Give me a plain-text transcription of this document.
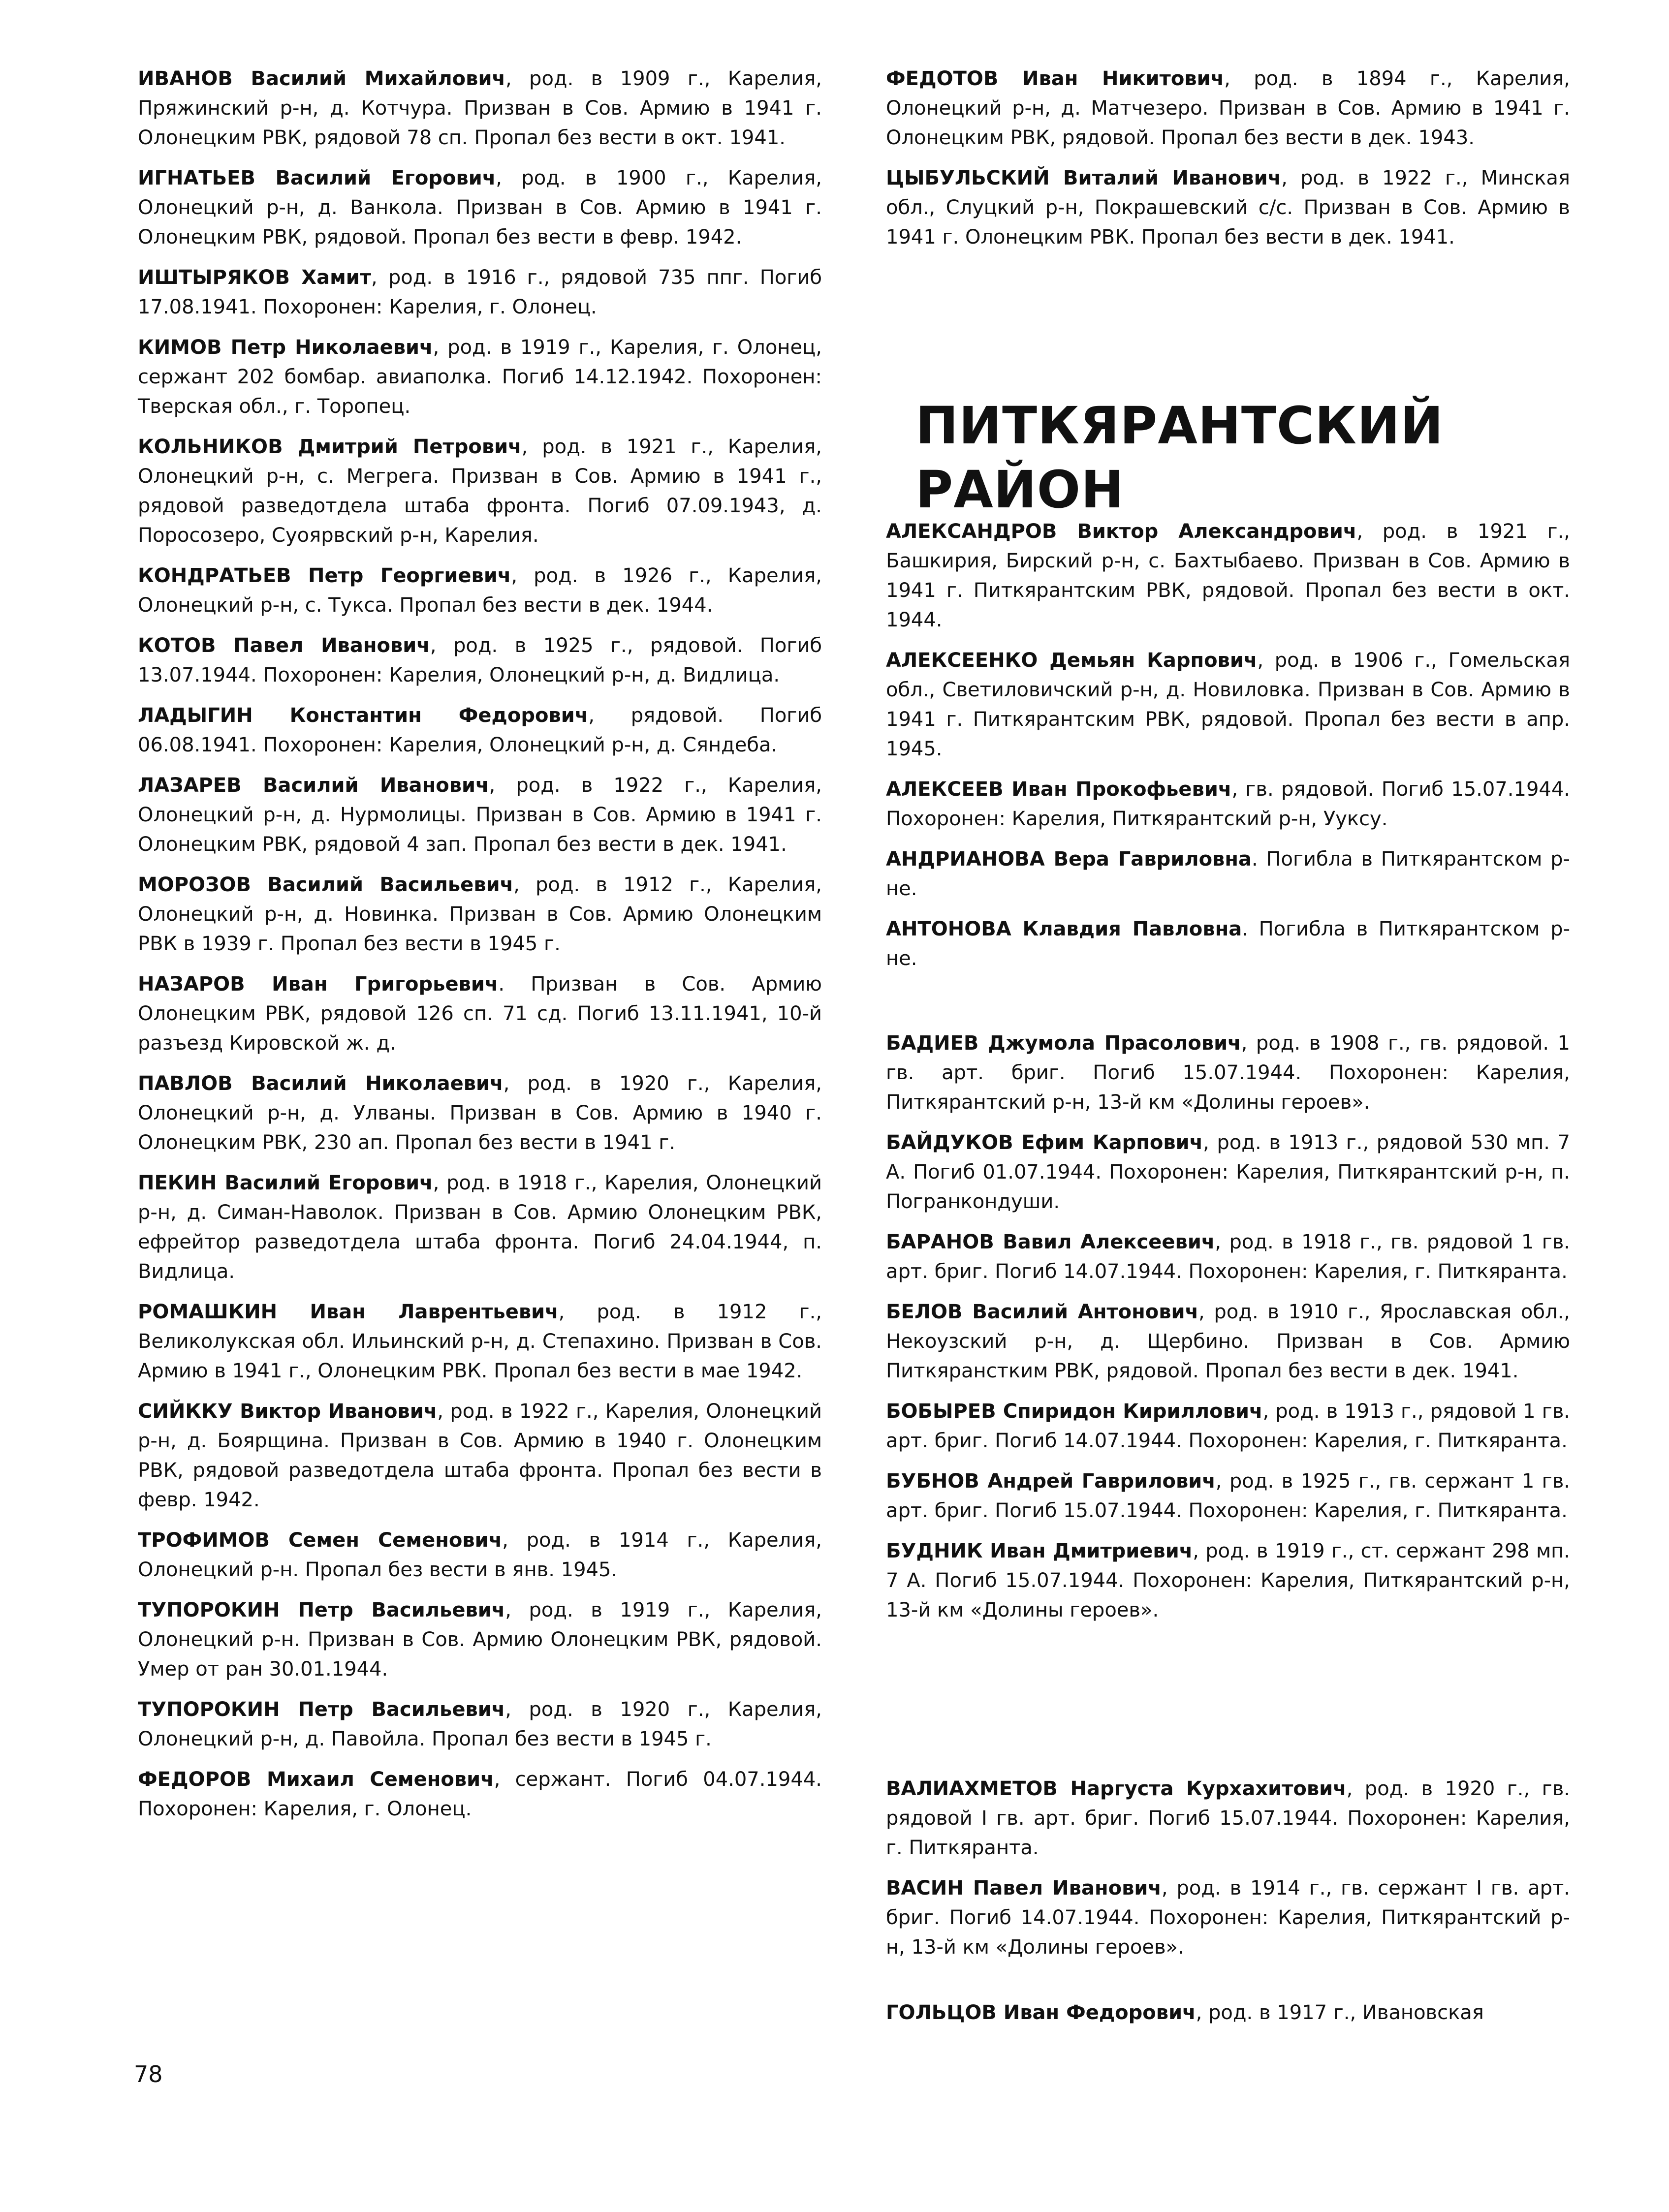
ИВАНОВ Василий Михайлович, род. в 1909 г., Карелия, Пряжинский р-н, д. Котчура. Призван в Сов. Армию в 1941 г. Олонецким РВК, рядовой 78 сп. Пропал без вести в окт. 1941.

ИГНАТЬЕВ Василий Егорович, род. в 1900 г., Карелия, Олонецкий р-н, д. Ванкола. Призван в Сов. Армию в 1941 г. Олонецким РВК, рядовой. Пропал без вести в февр. 1942.

ИШТЫРЯКОВ Хамит, род. в 1916 г., рядовой 735 ппг. Погиб 17.08.1941. Похоронен: Карелия, г. Олонец.

КИМОВ Петр Николаевич, род. в 1919 г., Карелия, г. Олонец, сержант 202 бомбар. авиаполка. Погиб 14.12.1942. Похоронен: Тверская обл., г. Торопец.

КОЛЬНИКОВ Дмитрий Петрович, род. в 1921 г., Карелия, Олонецкий р-н, с. Мегрега. Призван в Сов. Армию в 1941 г., рядовой разведотдела штаба фронта. Погиб 07.09.1943, д. Поросозеро, Суоярвский р-н, Карелия.

КОНДРАТЬЕВ Петр Георгиевич, род. в 1926 г., Карелия, Олонецкий р-н, с. Тукса. Пропал без вести в дек. 1944.

КОТОВ Павел Иванович, род. в 1925 г., рядовой. Погиб 13.07.1944. Похоронен: Карелия, Олонецкий р-н, д. Видлица.

ЛАДЫГИН Константин Федорович, рядовой. Погиб 06.08.1941. Похоронен: Карелия, Олонецкий р-н, д. Сяндеба.

ЛАЗАРЕВ Василий Иванович, род. в 1922 г., Карелия, Олонецкий р-н, д. Нурмолицы. Призван в Сов. Армию в 1941 г. Олонецким РВК, рядовой 4 зап. Пропал без вести в дек. 1941.

МОРОЗОВ Василий Васильевич, род. в 1912 г., Карелия, Олонецкий р-н, д. Новинка. Призван в Сов. Армию Олонецким РВК в 1939 г. Пропал без вести в 1945 г.

НАЗАРОВ Иван Григорьевич. Призван в Сов. Армию Олонецким РВК, рядовой 126 сп. 71 сд. Погиб 13.11.1941, 10-й разъезд Кировской ж. д.

ПАВЛОВ Василий Николаевич, род. в 1920 г., Карелия, Олонецкий р-н, д. Улваны. Призван в Сов. Армию в 1940 г. Олонецким РВК, 230 ап. Пропал без вести в 1941 г.

ПЕКИН Василий Егорович, род. в 1918 г., Карелия, Олонецкий р-н, д. Симан-Наволок. Призван в Сов. Армию Олонецким РВК, ефрейтор разведотдела штаба фронта. Погиб 24.04.1944, п. Видлица.

РОМАШКИН Иван Лаврентьевич, род. в 1912 г., Великолукская обл. Ильинский р-н, д. Степахино. Призван в Сов. Армию в 1941 г., Олонецким РВК. Пропал без вести в мае 1942.

СИЙККУ Виктор Иванович, род. в 1922 г., Карелия, Олонецкий р-н, д. Боярщина. Призван в Сов. Армию в 1940 г. Олонецким РВК, рядовой разведотдела штаба фронта. Пропал без вести в февр. 1942.

ТРОФИМОВ Семен Семенович, род. в 1914 г., Карелия, Олонецкий р-н. Пропал без вести в янв. 1945.

ТУПОРОКИН Петр Васильевич, род. в 1919 г., Карелия, Олонецкий р-н. Призван в Сов. Армию Олонецким РВК, рядовой. Умер от ран 30.01.1944.

ТУПОРОКИН Петр Васильевич, род. в 1920 г., Карелия, Олонецкий р-н, д. Павойла. Пропал без вести в 1945 г.

ФЕДОРОВ Михаил Семенович, сержант. Погиб 04.07.1944. Похоронен: Карелия, г. Олонец.

ФЕДОТОВ Иван Никитович, род. в 1894 г., Карелия, Олонецкий р-н, д. Матчезеро. Призван в Сов. Армию в 1941 г. Олонецким РВК, рядовой. Пропал без вести в дек. 1943.

ЦЫБУЛЬСКИЙ Виталий Иванович, род. в 1922 г., Минская обл., Слуцкий р-н, Покрашевский с/с. Призван в Сов. Армию в 1941 г. Олонецким РВК. Пропал без вести в дек. 1941.

ПИТКЯРАНТСКИЙ РАЙОН

АЛЕКСАНДРОВ Виктор Александрович, род. в 1921 г., Башкирия, Бирский р-н, с. Бахтыбаево. Призван в Сов. Армию в 1941 г. Питкярантским РВК, рядовой. Пропал без вести в окт. 1944.

АЛЕКСЕЕНКО Демьян Карпович, род. в 1906 г., Гомельская обл., Светиловичский р-н, д. Новиловка. Призван в Сов. Армию в 1941 г. Питкярантским РВК, рядовой. Пропал без вести в апр. 1945.

АЛЕКСЕЕВ Иван Прокофьевич, гв. рядовой. Погиб 15.07.1944. Похоронен: Карелия, Питкярантский р-н, Ууксу.

АНДРИАНОВА Вера Гавриловна. Погибла в Питкярантском р-не.

АНТОНОВА Клавдия Павловна. Погибла в Питкярантском р-не.

БАДИЕВ Джумола Прасолович, род. в 1908 г., гв. рядовой. 1 гв. арт. бриг. Погиб 15.07.1944. Похоронен: Карелия, Питкярантский р-н, 13-й км «Долины героев».

БАЙДУКОВ Ефим Карпович, род. в 1913 г., рядовой 530 мп. 7 А. Погиб 01.07.1944. Похоронен: Карелия, Питкярантский р-н, п. Погранкондуши.

БАРАНОВ Вавил Алексеевич, род. в 1918 г., гв. рядовой 1 гв. арт. бриг. Погиб 14.07.1944. Похоронен: Карелия, г. Питкяранта.

БЕЛОВ Василий Антонович, род. в 1910 г., Ярославская обл., Некоузский р-н, д. Щербино. Призван в Сов. Армию Питкяранстким РВК, рядовой. Пропал без вести в дек. 1941.

БОБЫРЕВ Спиридон Кириллович, род. в 1913 г., рядовой 1 гв. арт. бриг. Погиб 14.07.1944. Похоронен: Карелия, г. Питкяранта.

БУБНОВ Андрей Гаврилович, род. в 1925 г., гв. сержант 1 гв. арт. бриг. Погиб 15.07.1944. Похоронен: Карелия, г. Питкяранта.

БУДНИК Иван Дмитриевич, род. в 1919 г., ст. сержант 298 мп. 7 А. Погиб 15.07.1944. Похоронен: Карелия, Питкярантский р-н, 13-й км «Долины героев».

ВАЛИАХМЕТОВ Наргуста Курхахитович, род. в 1920 г., гв. рядовой I гв. арт. бриг. Погиб 15.07.1944. Похоронен: Карелия, г. Питкяранта.

ВАСИН Павел Иванович, род. в 1914 г., гв. сержант I гв. арт. бриг. Погиб 14.07.1944. Похоронен: Карелия, Питкярантский р-н, 13-й км «Долины героев».

ГОЛЬЦОВ Иван Федорович, род. в 1917 г., Ивановская

78
